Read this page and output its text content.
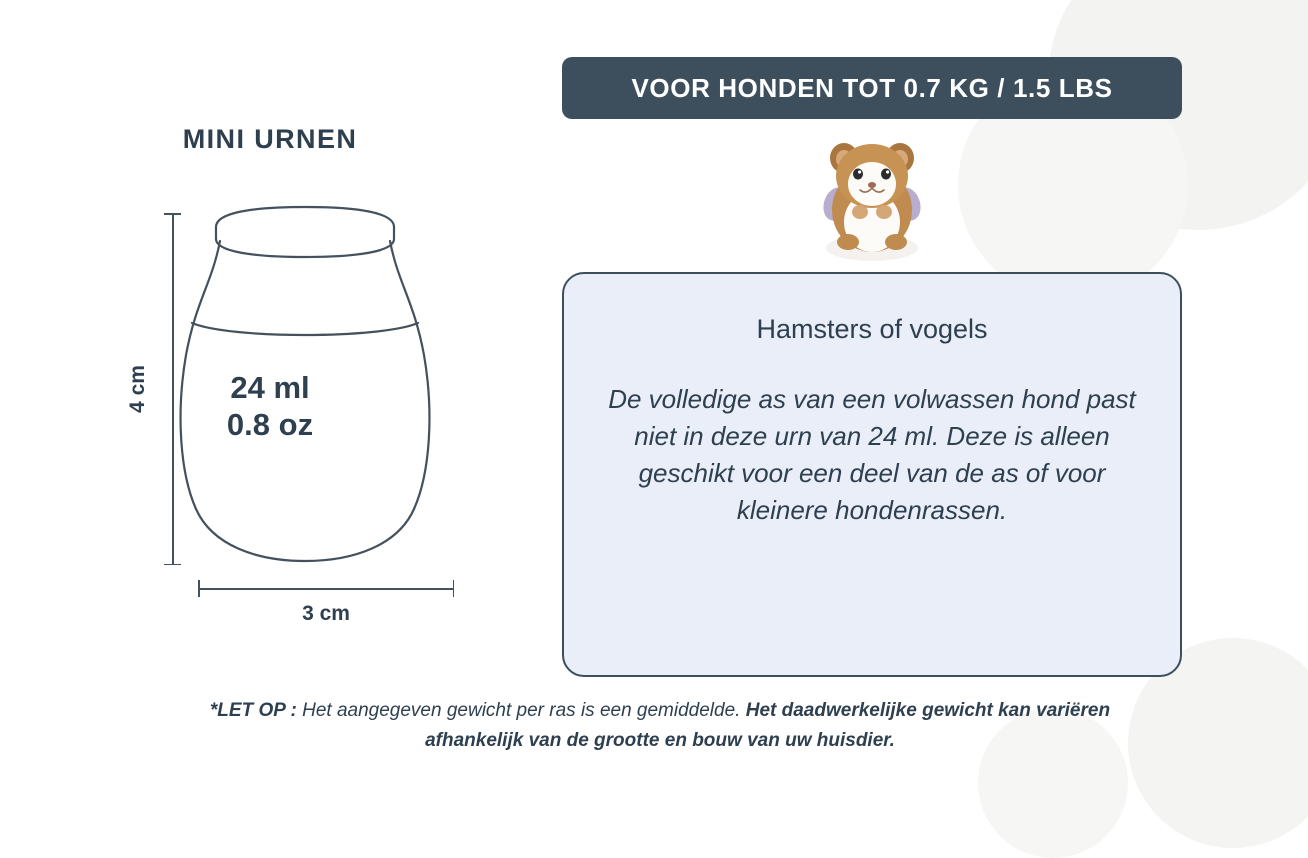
MINI URNEN
4 cm	24 ml
0.8 oz
3 cm
VOOR HONDEN TOT 0.7 KG / 1.5 LBS
Hamsters of vogels
De volledige as van een volwassen hond past niet in deze urn van 24 ml. Deze is alleen geschikt voor een deel van de as of voor kleinere hondenrassen.
*LET OP : Het aangegeven gewicht per ras is een gemiddelde. Het daadwerkelijke gewicht kan variëren afhankelijk van de grootte en bouw van uw huisdier.
